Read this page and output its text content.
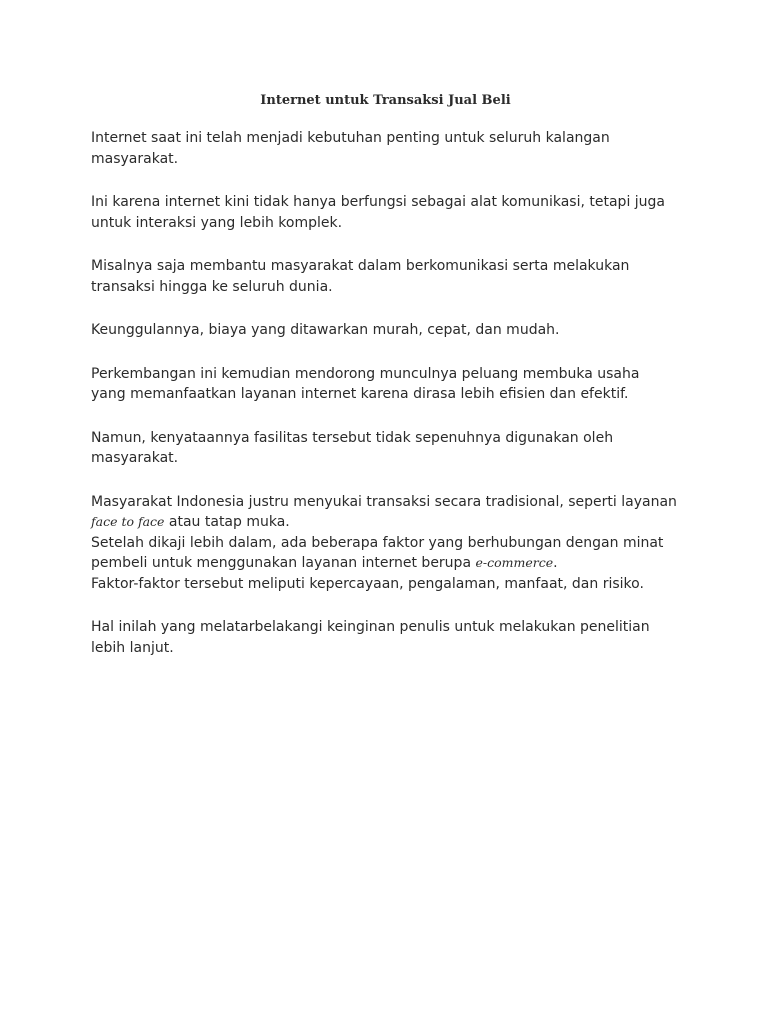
Internet untuk Transaksi Jual Beli

Internet saat ini telah menjadi kebutuhan penting untuk seluruh kalangan masyarakat.

Ini karena internet kini tidak hanya berfungsi sebagai alat komunikasi, tetapi juga untuk interaksi yang lebih komplek.

Misalnya saja membantu masyarakat dalam berkomunikasi serta melakukan transaksi hingga ke seluruh dunia.

Keunggulannya, biaya yang ditawarkan murah, cepat, dan mudah.

Perkembangan ini kemudian mendorong munculnya peluang membuka usaha yang memanfaatkan layanan internet karena dirasa lebih efisien dan efektif.

Namun, kenyataannya fasilitas tersebut tidak sepenuhnya digunakan oleh masyarakat.

Masyarakat Indonesia justru menyukai transaksi secara tradisional, seperti layanan face to face atau tatap muka.

Setelah dikaji lebih dalam, ada beberapa faktor yang berhubungan dengan minat pembeli untuk menggunakan layanan internet berupa e-commerce.

Faktor-faktor tersebut meliputi kepercayaan, pengalaman, manfaat, dan risiko.

Hal inilah yang melatarbelakangi keinginan penulis untuk melakukan penelitian lebih lanjut.
